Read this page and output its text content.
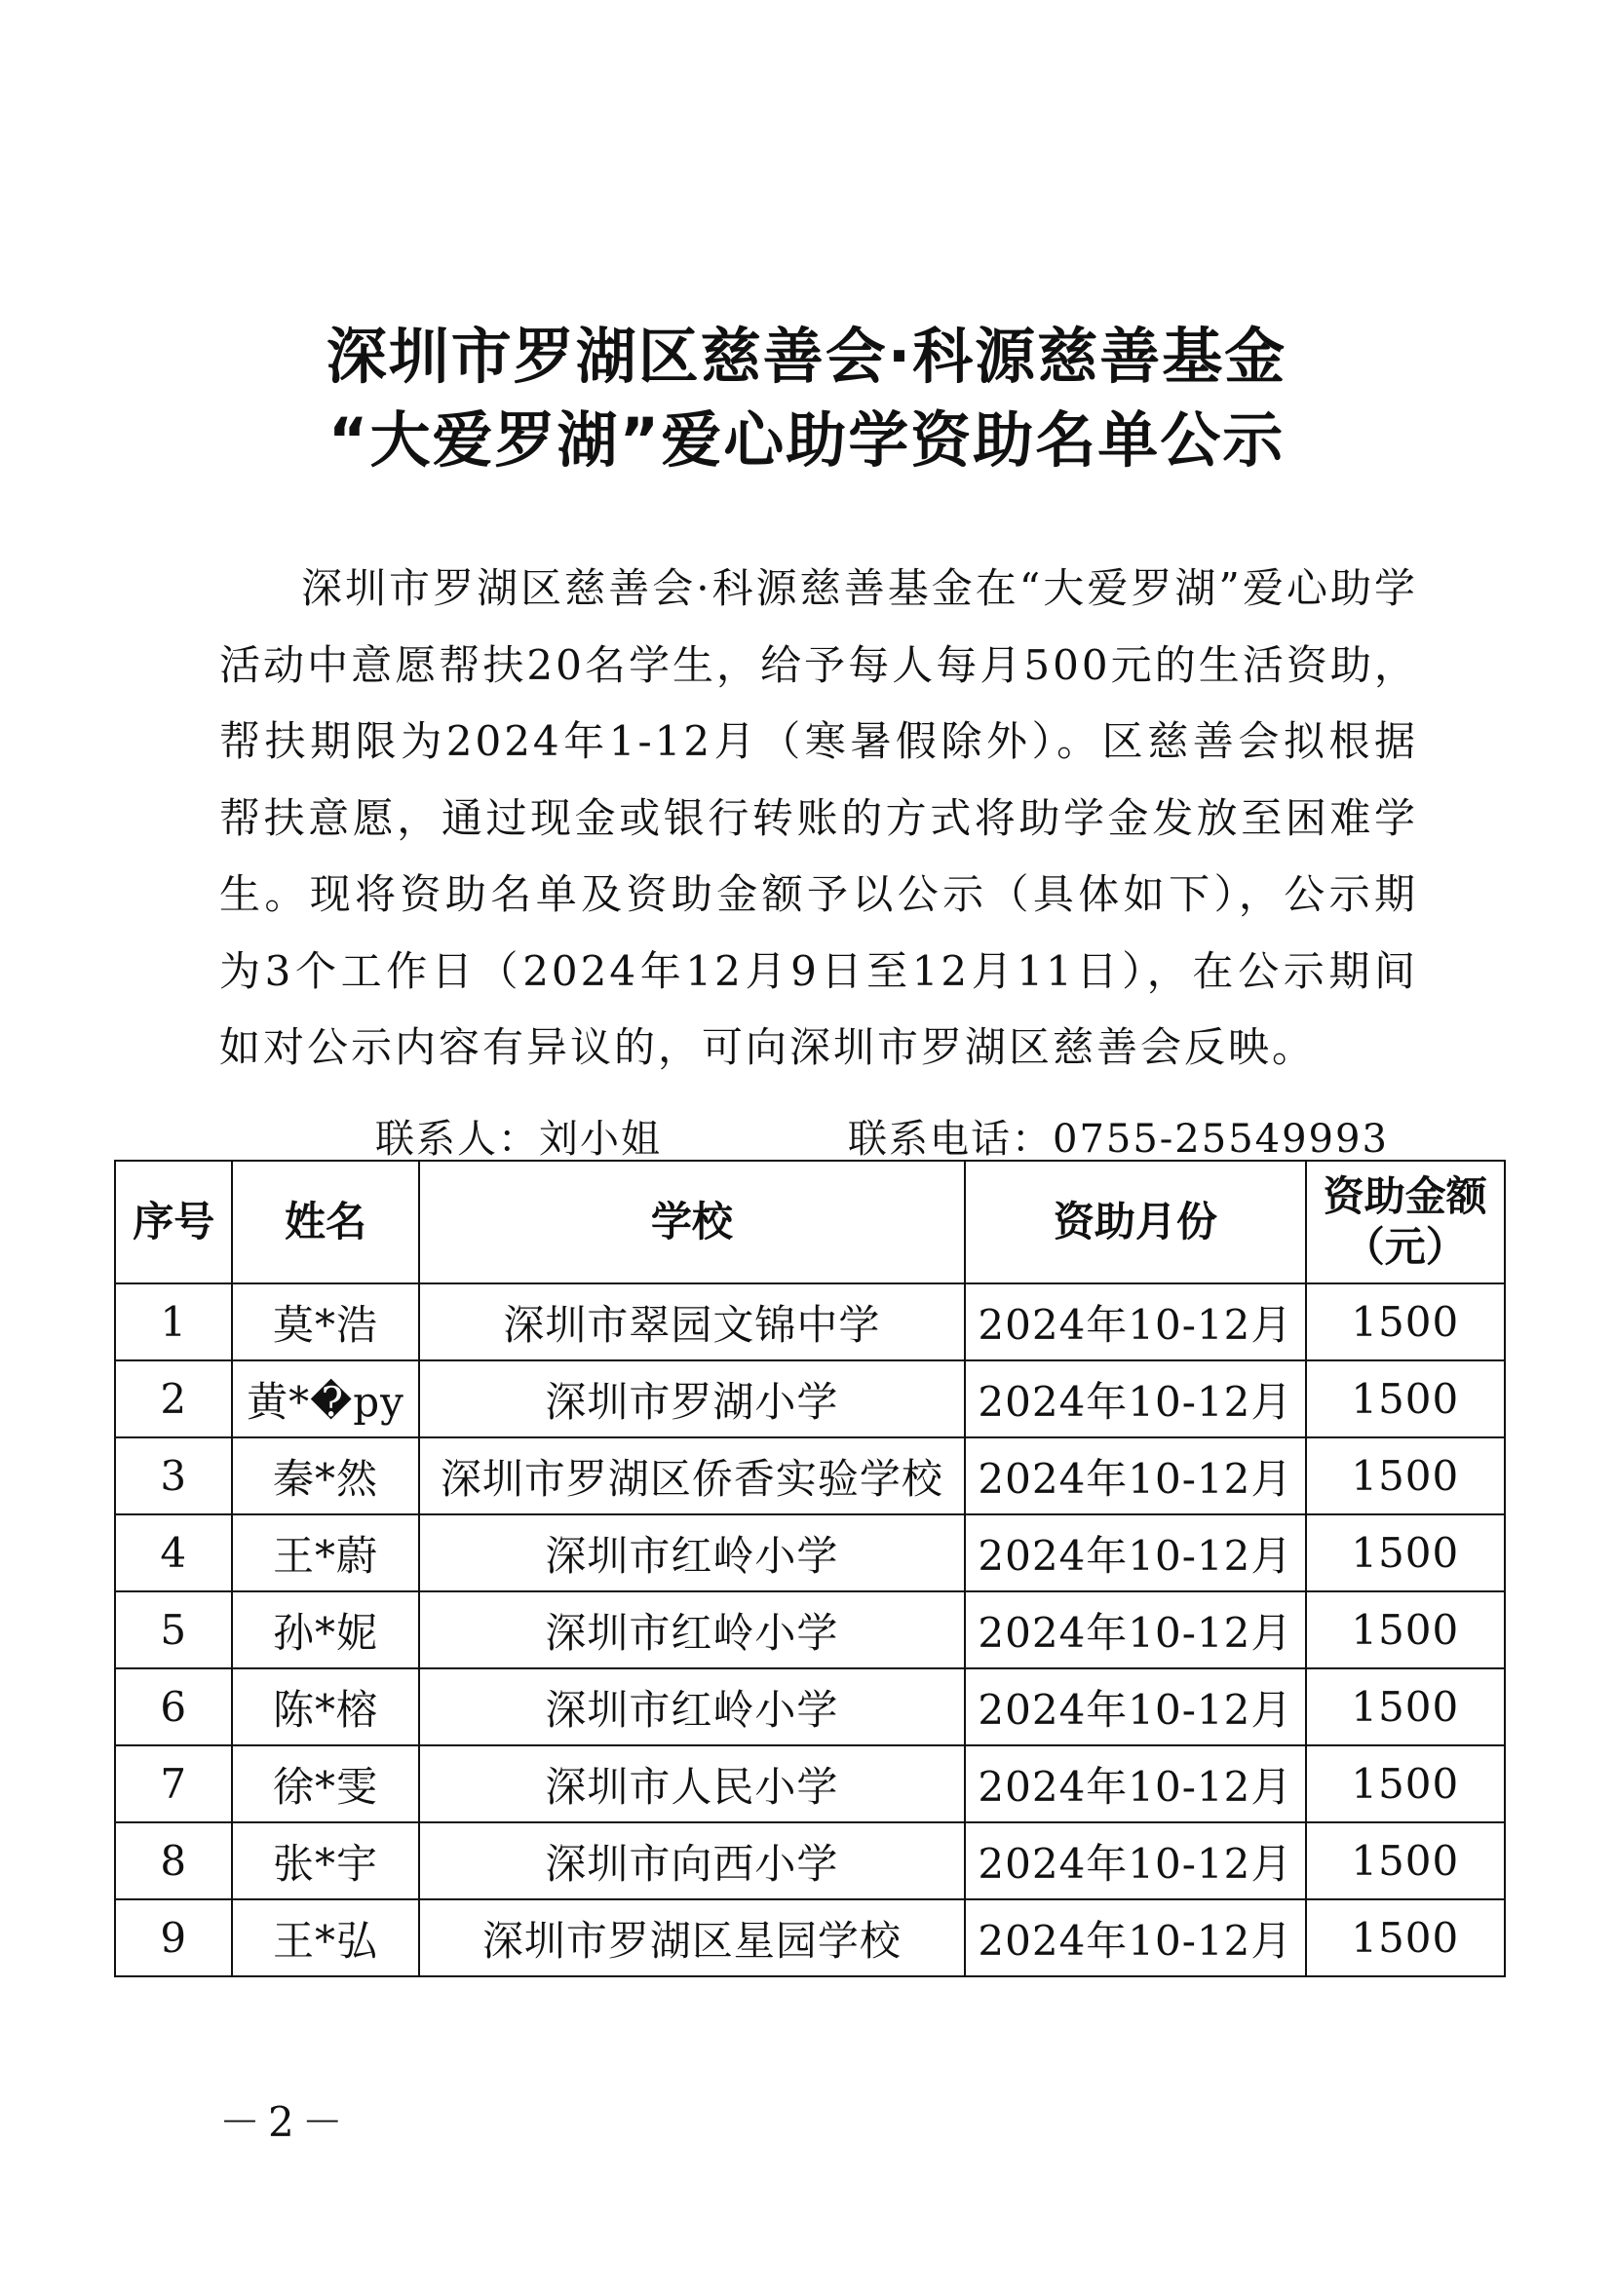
深圳市罗湖区慈善会·科源慈善基金
“大爱罗湖”爱心助学资助名单公示
深圳市罗湖区慈善会·科源慈善基金在“大爱罗湖”爱心助学活动中意愿帮扶20名学生，给予每人每月500元的生活资助，帮扶期限为2024年1-12月（寒暑假除外）。区慈善会拟根据帮扶意愿，通过现金或银行转账的方式将助学金发放至困难学生。现将资助名单及资助金额予以公示（具体如下），公示期为3个工作日（2024年12月9日至12月11日），在公示期间如对公示内容有异议的，可向深圳市罗湖区慈善会反映。
联系人：刘小姐	联系电话：0755-25549993
序号	姓名	学校	资助月份	资助金额
（元）

1	莫*浩	深圳市翠园文锦中学	2024年10-12月	1500
2	黄*�py	深圳市罗湖小学	2024年10-12月	1500
3	秦*然	深圳市罗湖区侨香实验学校	2024年10-12月	1500
4	王*蔚	深圳市红岭小学	2024年10-12月	1500
5	孙*妮	深圳市红岭小学	2024年10-12月	1500
6	陈*榕	深圳市红岭小学	2024年10-12月	1500
7	徐*雯	深圳市人民小学	2024年10-12月	1500
8	张*宇	深圳市向西小学	2024年10-12月	1500
9	王*弘	深圳市罗湖区星园学校	2024年10-12月	1500
－2－
